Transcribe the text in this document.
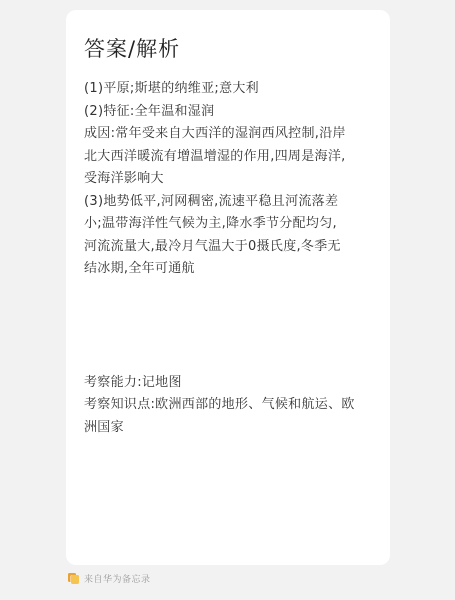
答案/解析

(1)平原;斯堪的纳维亚;意大利

(2)特征:全年温和湿润

成因:常年受来自大西洋的湿润西风控制,沿岸

北大西洋暖流有增温增湿的作用,四周是海洋,

受海洋影响大

(3)地势低平,河网稠密,流速平稳且河流落差

小;温带海洋性气候为主,降水季节分配均匀,

河流流量大,最冷月气温大于0摄氏度,冬季无

结冰期,全年可通航

考察能力:记地图

考察知识点:欧洲西部的地形、气候和航运、欧

洲国家

来自华为备忘录
